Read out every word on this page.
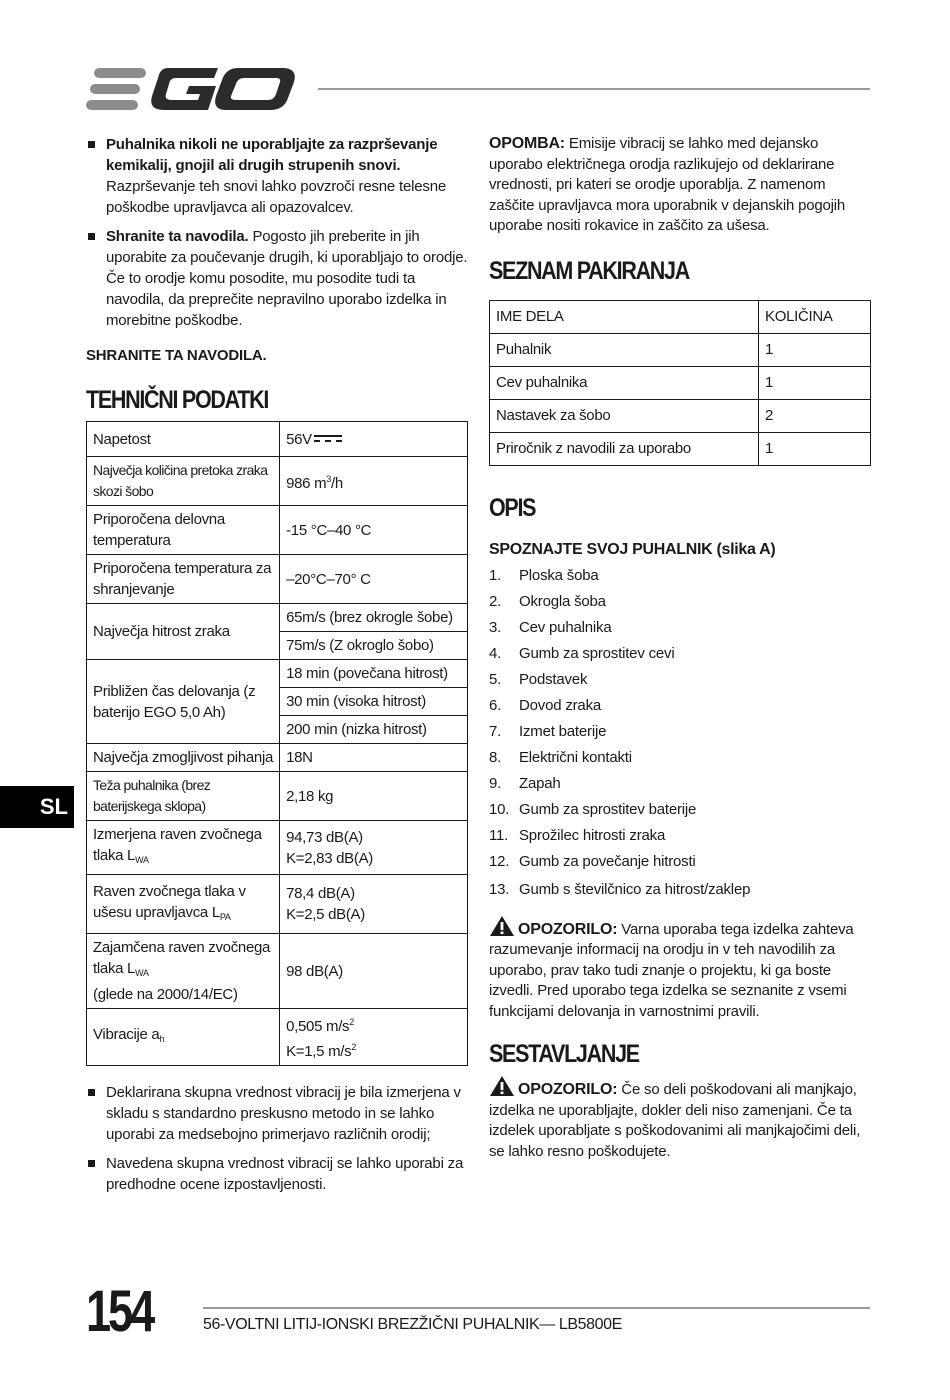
Puhalnika nikoli ne uporabljajte za razprševanje kemikalij, gnojil ali drugih strupenih snovi. Razprševanje teh snovi lahko povzroči resne telesne poškodbe upravljavca ali opazovalcev.
Shranite ta navodila. Pogosto jih preberite in jih uporabite za poučevanje drugih, ki uporabljajo to orodje. Če to orodje komu posodite, mu posodite tudi ta navodila, da preprečite nepravilno uporabo izdelka in morebitne poškodbe.
SHRANITE TA NAVODILA.
TEHNIČNI PODATKI
Napetost	56V
Največja količina pretoka zraka skozi šobo	986 $m^3/h$
Priporočena delovna temperatura	-15 °C–40 °C
Priporočena temperatura za shranjevanje	–20°C–70° C
Največja hitrost zraka	65m/s (brez okrogle šobe)
	75m/s (Z okroglo šobo)
Približen čas delovanja (z baterijo EGO 5,0 Ah)	18 min (povečana hitrost)
	30 min (visoka hitrost)
	200 min (nizka hitrost)
Največja zmogljivost pihanja	18N
Teža puhalnika (brez baterijskega sklopa)	2,18 kg
Izmerjena raven zvočnega tlaka $L_{WA}$	94,73 dB(A)
K=2,83 dB(A)

Raven zvočnega tlaka v ušesu upravljavca $L_{PA}$	78,4 dB(A)
K=2,5 dB(A)

Zajamčena raven zvočnega tlaka $L_{WA}$
(glede na 2000/14/EC)	98 dB(A)
Vibracije $a_h$	0,505 $m/s^2$
K=1,5 $m/s^2$
Deklarirana skupna vrednost vibracij je bila izmerjena v skladu s standardno preskusno metodo in se lahko uporabi za medsebojno primerjavo različnih orodij;
Navedena skupna vrednost vibracij se lahko uporabi za predhodne ocene izpostavljenosti.
OPOMBA: Emisije vibracij se lahko med dejansko uporabo električnega orodja razlikujejo od deklarirane vrednosti, pri kateri se orodje uporablja. Z namenom zaščite upravljavca mora uporabnik v dejanskih pogojih uporabe nositi rokavice in zaščito za ušesa.
SEZNAM PAKIRANJA
IME DELA	KOLIČINA
Puhalnik	1
Cev puhalnika	1
Nastavek za šobo	2
Priročnik z navodili za uporabo	1
OPIS
SPOZNAJTE SVOJ PUHALNIK (slika A)
1. Ploska šoba
2. Okrogla šoba
3. Cev puhalnika
4. Gumb za sprostitev cevi
5. Podstavek
6. Dovod zraka
7. Izmet baterije
8. Električni kontakti
9. Zapah
10. Gumb za sprostitev baterije
11. Sprožilec hitrosti zraka
12. Gumb za povečanje hitrosti
13. Gumb s številčnico za hitrost/zaklep
OPOZORILO: Varna uporaba tega izdelka zahteva razumevanje informacij na orodju in v teh navodilih za uporabo, prav tako tudi znanje o projektu, ki ga boste izvedli. Pred uporabo tega izdelka se seznanite z vsemi funkcijami delovanja in varnostnimi pravili.
SESTAVLJANJE
OPOZORILO: Če so deli poškodovani ali manjkajo, izdelka ne uporabljajte, dokler deli niso zamenjani. Če ta izdelek uporabljate s poškodovanimi ali manjkajočimi deli, se lahko resno poškodujete.
SL
154	56-VOLTNI LITIJ-IONSKI BREZŽIČNI PUHALNIK— LB5800E
